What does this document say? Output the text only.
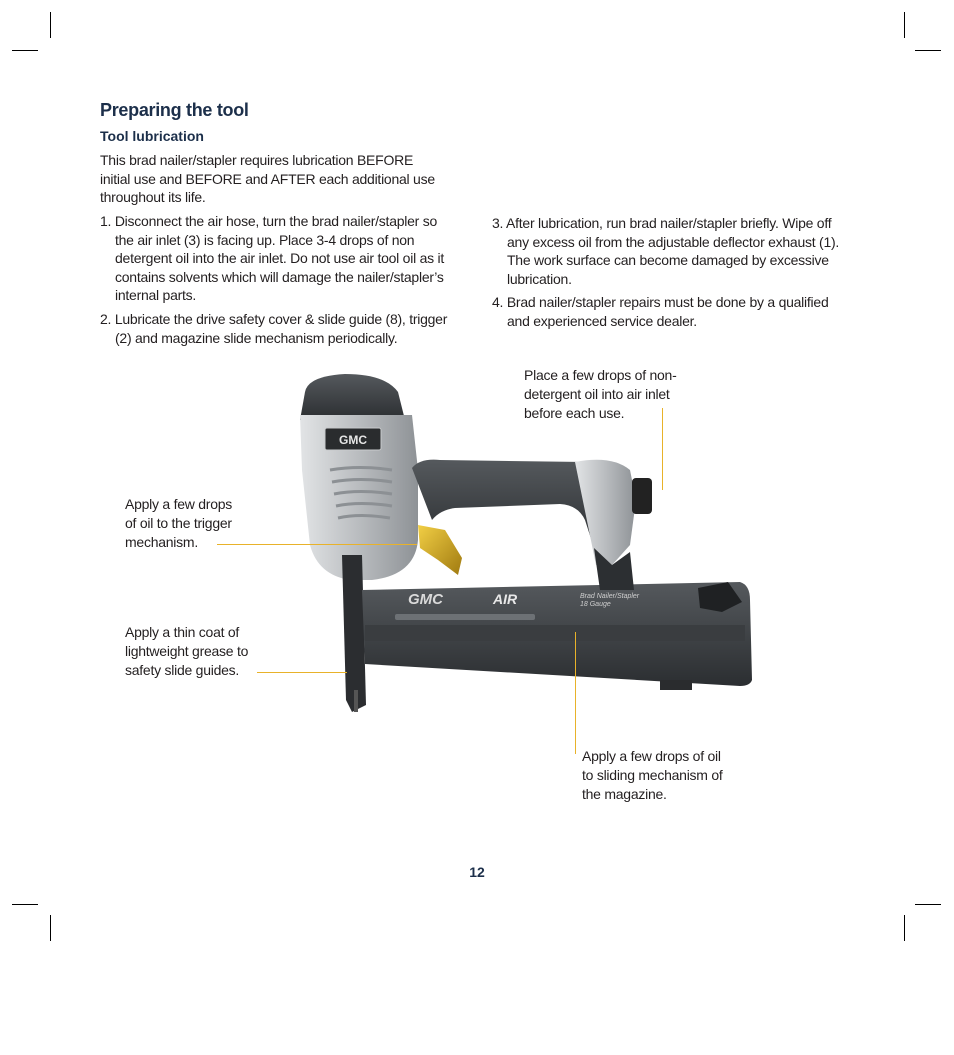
Preparing the tool
Tool lubrication

This brad nailer/stapler requires lubrication BEFORE initial use and BEFORE and AFTER each additional use throughout its life.

1. Disconnect the air hose, turn the brad nailer/stapler so the air inlet (3) is facing up. Place 3-4 drops of non detergent oil into the air inlet. Do not use air tool oil as it contains solvents which will damage the nailer/stapler’s internal parts.
2. Lubricate the drive safety cover & slide guide (8), trigger (2) and magazine slide mechanism periodically.

3. After lubrication, run brad nailer/stapler briefly. Wipe off any excess oil from the adjustable deflector exhaust (1). The work surface can become damaged by excessive lubrication.
4. Brad nailer/stapler repairs must be done by a qualified and experienced service dealer.

GMC
GMC	AIR	Brad Nailer/Stapler
18 Gauge
Place a few drops of non-detergent oil into air inlet before each use.
Apply a few drops of oil to the trigger mechanism.
Apply a thin coat of lightweight grease to safety slide guides.
Apply a few drops of oil to sliding mechanism of the magazine.
12
